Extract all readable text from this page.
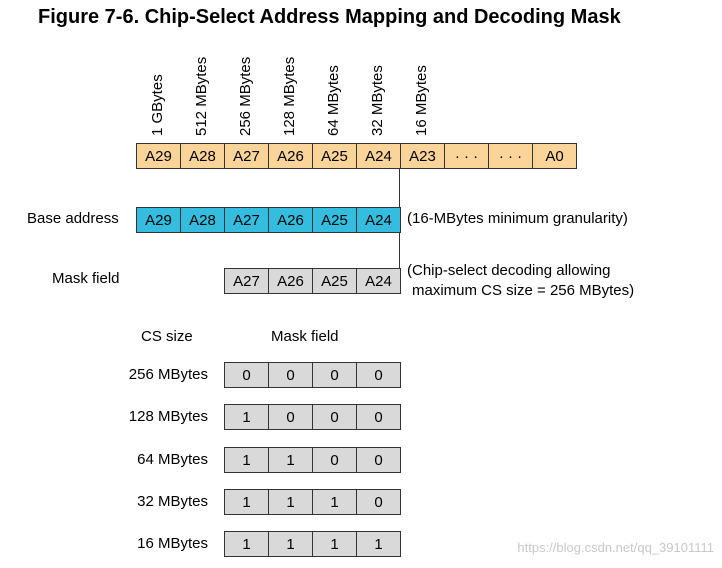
Figure 7-6. Chip-Select Address Mapping and Decoding Mask
1 GBytes 512 MBytes 256 MBytes 128 MBytes 64 MBytes 32 MBytes 16 MBytes
A29	A28	A27	A26	A25	A24	A23	· · ·	· · ·	A0
Base address	A29	A28	A27	A26	A25	A24	(16-MBytes minimum granularity)
Mask field	A27	A26	A25	A24
(Chip-select decoding allowing
maximum CS size = 256 MBytes)
CS size	Mask field
256 MBytes	0	0	0	0
128 MBytes	1	0	0	0
64 MBytes	1	1	0	0
32 MBytes	1	1	1	0
16 MBytes	1	1	1	1	https://blog.csdn.net/qq_39101111
